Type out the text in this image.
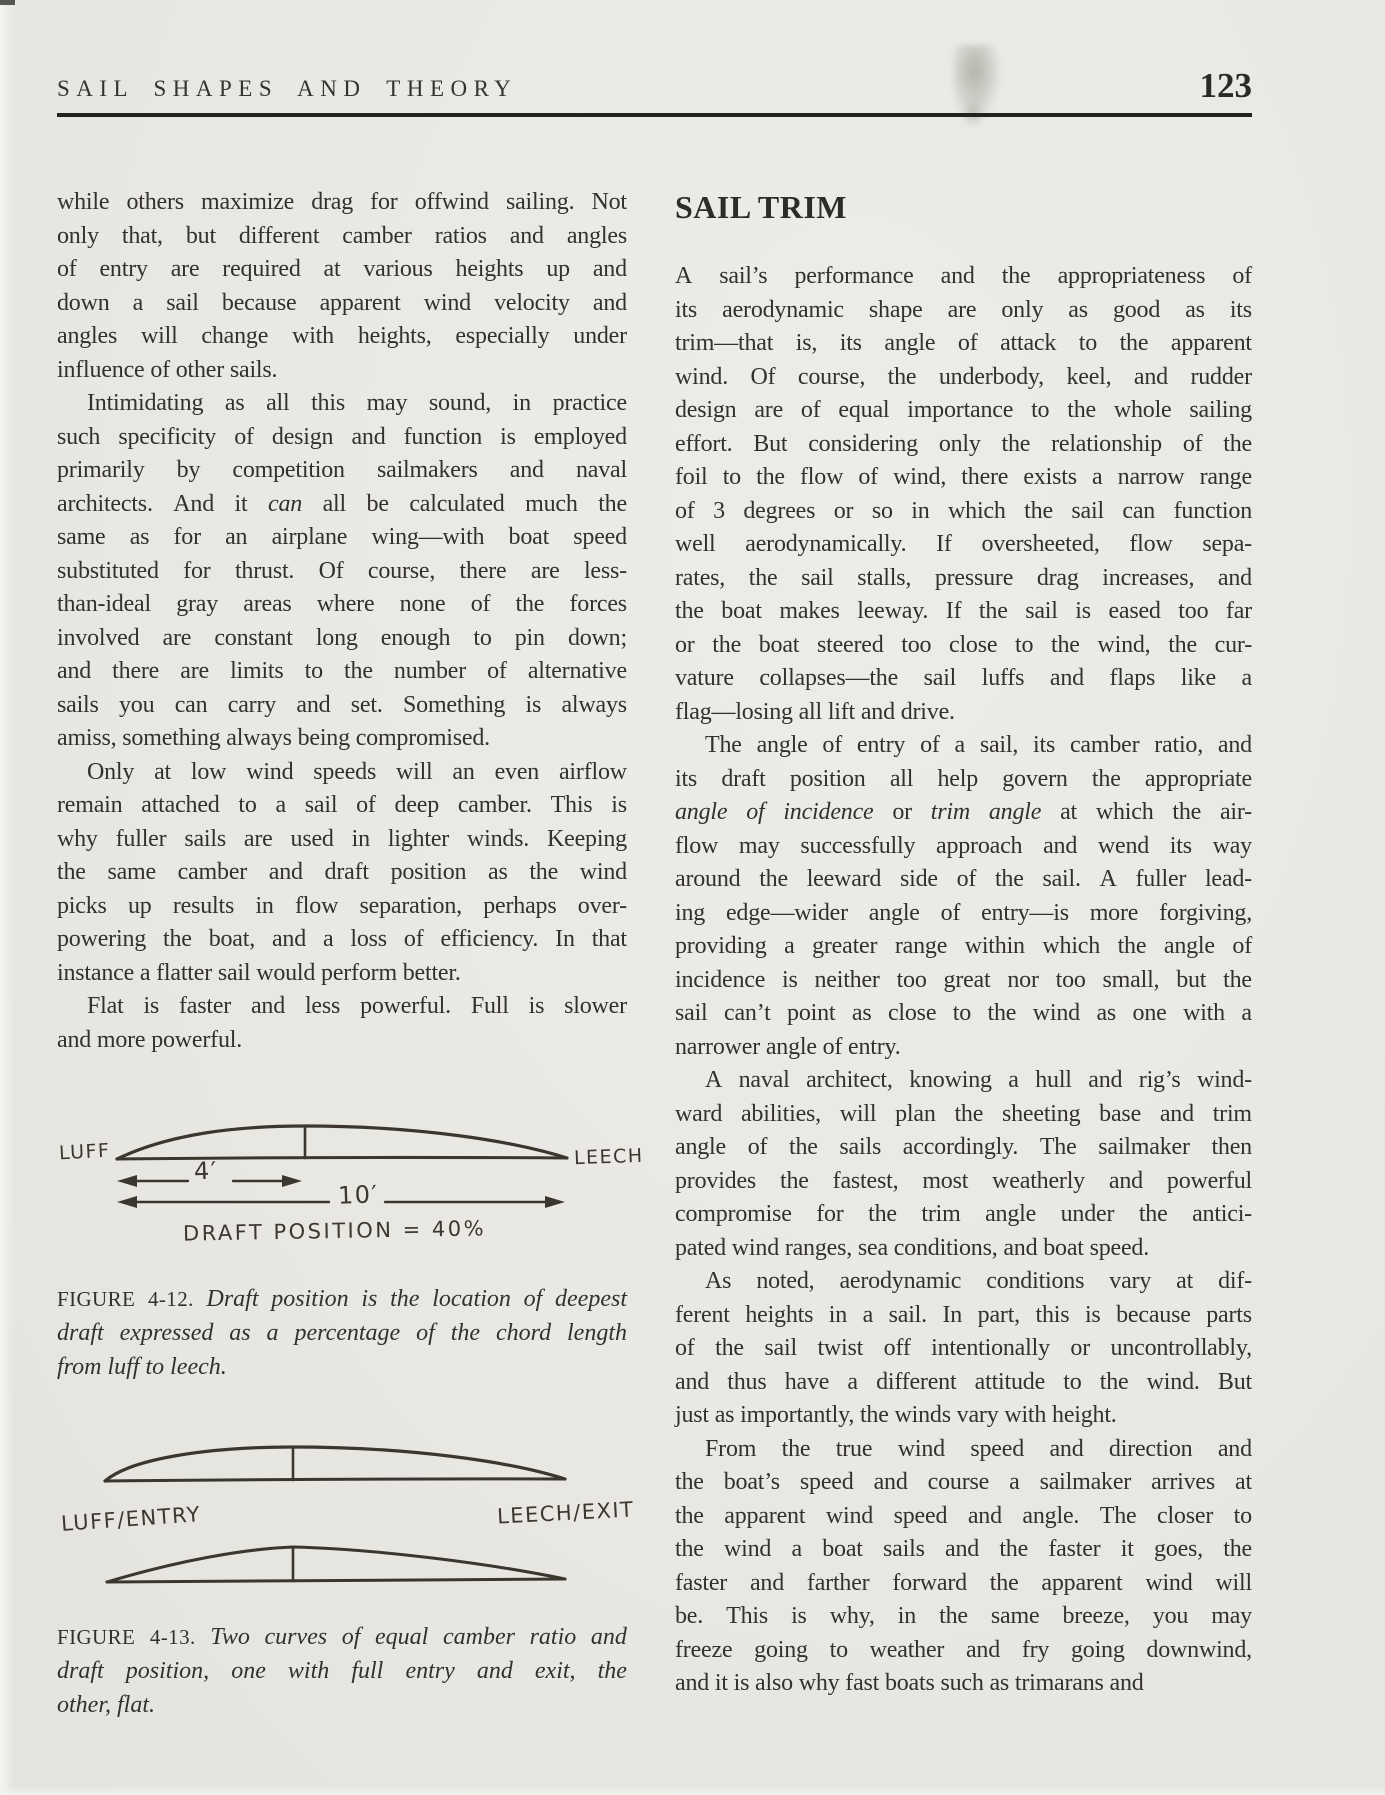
SAIL SHAPES AND THEORY	123
while others maximize drag for offwind sailing. Not
only that, but different camber ratios and angles
of entry are required at various heights up and
down a sail because apparent wind velocity and
angles will change with heights, especially under
influence of other sails.
Intimidating as all this may sound, in practice
such specificity of design and function is employed
primarily by competition sailmakers and naval
architects. And it can all be calculated much the
same as for an airplane wing—with boat speed
substituted for thrust. Of course, there are less-
than-ideal gray areas where none of the forces
involved are constant long enough to pin down;
and there are limits to the number of alternative
sails you can carry and set. Something is always
amiss, something always being compromised.
Only at low wind speeds will an even airflow
remain attached to a sail of deep camber. This is
why fuller sails are used in lighter winds. Keeping
the same camber and draft position as the wind
picks up results in flow separation, perhaps over-
powering the boat, and a loss of efficiency. In that
instance a flatter sail would perform better.
Flat is faster and less powerful. Full is slower
and more powerful.
SAIL TRIM
A sail’s performance and the appropriateness of
its aerodynamic shape are only as good as its
trim—that is, its angle of attack to the apparent
wind. Of course, the underbody, keel, and rudder
design are of equal importance to the whole sailing
effort. But considering only the relationship of the
foil to the flow of wind, there exists a narrow range
of 3 degrees or so in which the sail can function
well aerodynamically. If oversheeted, flow sepa-
rates, the sail stalls, pressure drag increases, and
the boat makes leeway. If the sail is eased too far
or the boat steered too close to the wind, the cur-
vature collapses—the sail luffs and flaps like a
flag—losing all lift and drive.
The angle of entry of a sail, its camber ratio, and
its draft position all help govern the appropriate
angle of incidence or trim angle at which the air-
flow may successfully approach and wend its way
around the leeward side of the sail. A fuller lead-
ing edge—wider angle of entry—is more forgiving,
providing a greater range within which the angle of
incidence is neither too great nor too small, but the
sail can’t point as close to the wind as one with a
narrower angle of entry.
A naval architect, knowing a hull and rig’s wind-
ward abilities, will plan the sheeting base and trim
angle of the sails accordingly. The sailmaker then
provides the fastest, most weatherly and powerful
compromise for the trim angle under the antici-
pated wind ranges, sea conditions, and boat speed.
As noted, aerodynamic conditions vary at dif-
ferent heights in a sail. In part, this is because parts
of the sail twist off intentionally or uncontrollably,
and thus have a different attitude to the wind. But
just as importantly, the winds vary with height.
From the true wind speed and direction and
the boat’s speed and course a sailmaker arrives at
the apparent wind speed and angle. The closer to
the wind a boat sails and the faster it goes, the
faster and farther forward the apparent wind will
be. This is why, in the same breeze, you may
freeze going to weather and fry going downwind,
and it is also why fast boats such as trimarans and
LUFF	LEECH
4′
10′
DRAFT POSITION = 40%
FIGURE 4-12. Draft position is the location of deepest
draft expressed as a percentage of the chord length
from luff to leech.
LUFF/ENTRY	LEECH/EXIT
FIGURE 4-13. Two curves of equal camber ratio and
draft position, one with full entry and exit, the
other, flat.
